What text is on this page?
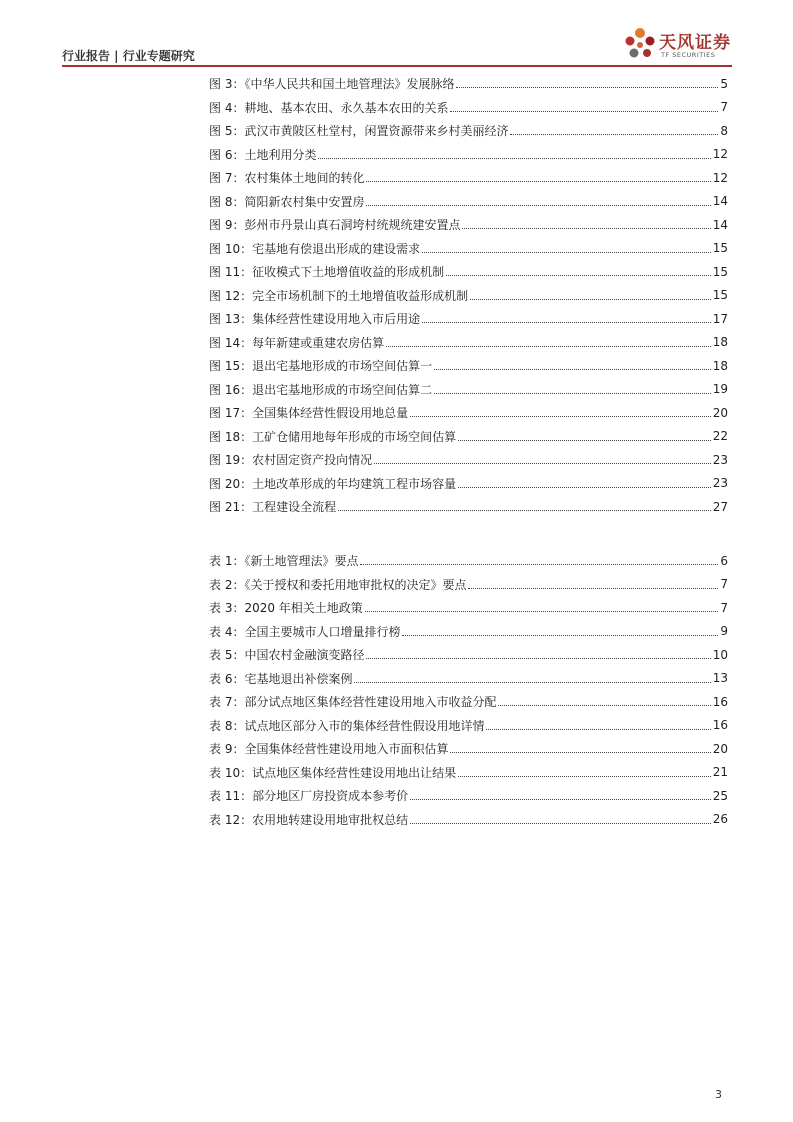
行业报告 | 行业专题研究
天风证券
TF SECURITIES
图 3：《中华人民共和国土地管理法》发展脉络	5
图 4：耕地、基本农田、永久基本农田的关系	7
图 5：武汉市黄陂区杜堂村，闲置资源带来乡村美丽经济	8
图 6：土地利用分类	12
图 7：农村集体土地间的转化	12
图 8：简阳新农村集中安置房	14
图 9：彭州市丹景山真石洞垮村统规统建安置点	14
图 10：宅基地有偿退出形成的建设需求	15
图 11：征收模式下土地增值收益的形成机制	15
图 12：完全市场机制下的土地增值收益形成机制	15
图 13：集体经营性建设用地入市后用途	17
图 14：每年新建或重建农房估算	18
图 15：退出宅基地形成的市场空间估算一	18
图 16：退出宅基地形成的市场空间估算二	19
图 17：全国集体经营性假设用地总量	20
图 18：工矿仓储用地每年形成的市场空间估算	22
图 19：农村固定资产投向情况	23
图 20：土地改革形成的年均建筑工程市场容量	23
图 21：工程建设全流程	27
表 1：《新土地管理法》要点	6
表 2：《关于授权和委托用地审批权的决定》要点	7
表 3：2020 年相关土地政策	7
表 4：全国主要城市人口增量排行榜	9
表 5：中国农村金融演变路径	10
表 6：宅基地退出补偿案例	13
表 7：部分试点地区集体经营性建设用地入市收益分配	16
表 8：试点地区部分入市的集体经营性假设用地详情	16
表 9：全国集体经营性建设用地入市面积估算	20
表 10：试点地区集体经营性建设用地出让结果	21
表 11：部分地区厂房投资成本参考价	25
表 12：农用地转建设用地审批权总结	26
3
